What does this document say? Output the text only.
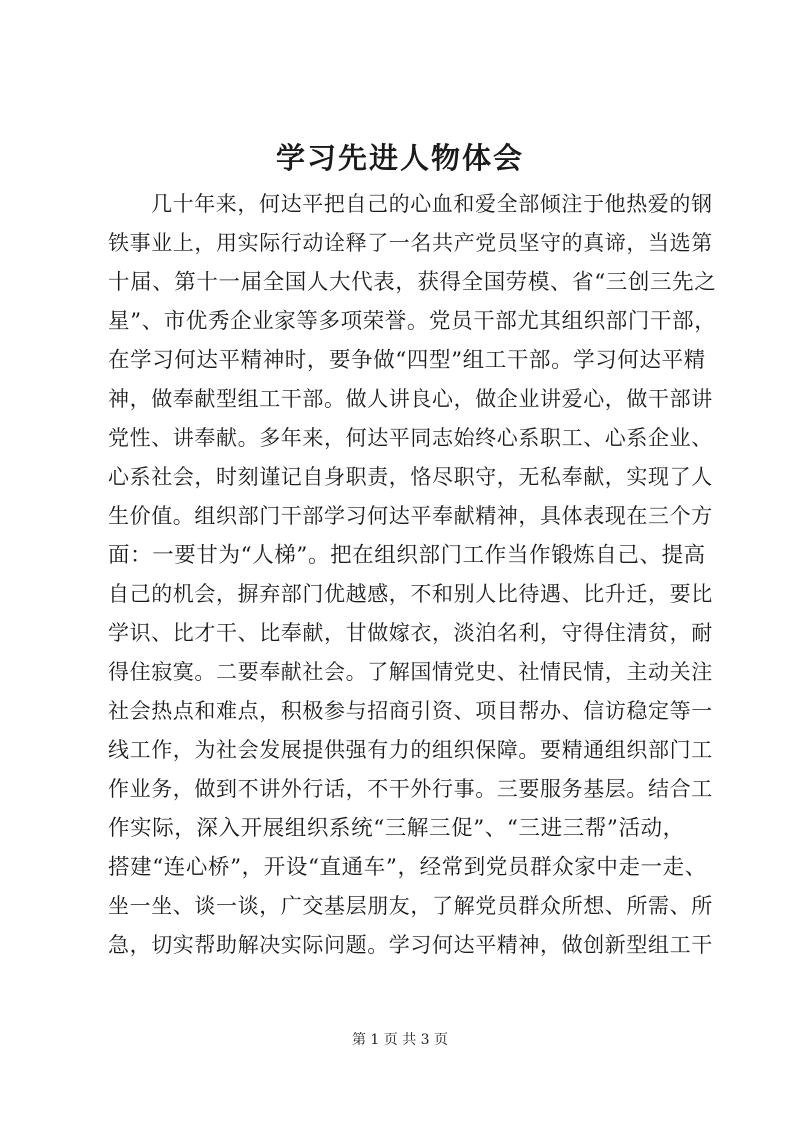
学习先进人物体会
几十年来，何达平把自己的心血和爱全部倾注于他热爱的钢
铁事业上，用实际行动诠释了一名共产党员坚守的真谛，当选第
十届、第十一届全国人大代表，获得全国劳模、省“三创三先之
星”、市优秀企业家等多项荣誉。党员干部尤其组织部门干部，
在学习何达平精神时，要争做“四型”组工干部。学习何达平精
神，做奉献型组工干部。做人讲良心，做企业讲爱心，做干部讲
党性、讲奉献。多年来，何达平同志始终心系职工、心系企业、
心系社会，时刻谨记自身职责，恪尽职守，无私奉献，实现了人
生价值。组织部门干部学习何达平奉献精神，具体表现在三个方
面：一要甘为“人梯”。把在组织部门工作当作锻炼自己、提高
自己的机会，摒弃部门优越感，不和别人比待遇、比升迁，要比
学识、比才干、比奉献，甘做嫁衣，淡泊名利，守得住清贫，耐
得住寂寞。二要奉献社会。了解国情党史、社情民情，主动关注
社会热点和难点，积极参与招商引资、项目帮办、信访稳定等一
线工作，为社会发展提供强有力的组织保障。要精通组织部门工
作业务，做到不讲外行话，不干外行事。三要服务基层。结合工
作实际，深入开展组织系统“三解三促”、“三进三帮”活动，
搭建“连心桥”，开设“直通车”，经常到党员群众家中走一走、
坐一坐、谈一谈，广交基层朋友，了解党员群众所想、所需、所
急，切实帮助解决实际问题。学习何达平精神，做创新型组工干
第 1 页 共 3 页
